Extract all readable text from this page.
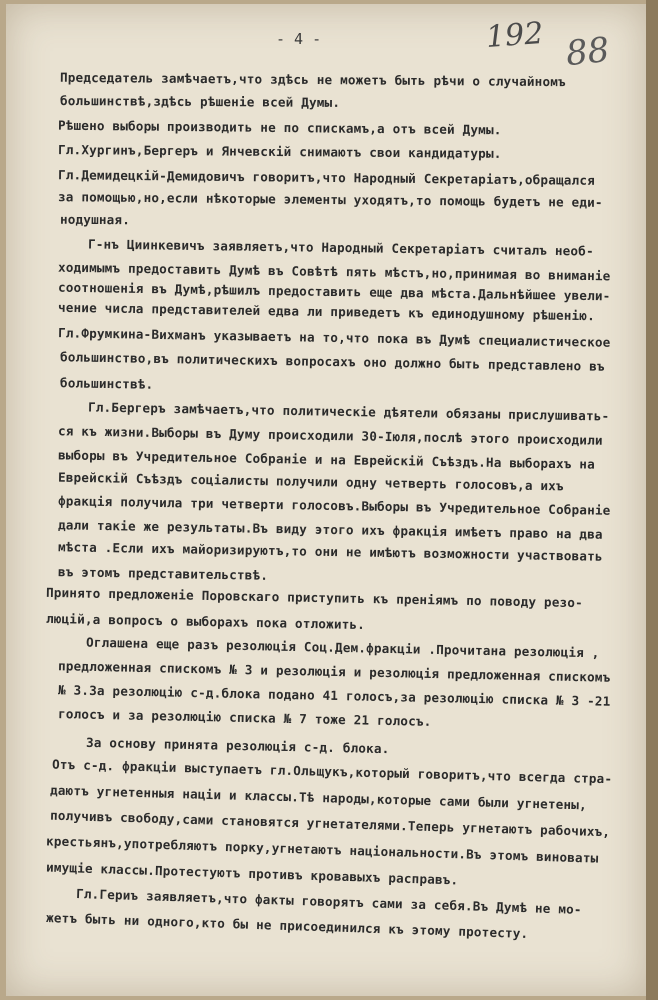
- 4 -	192 88
Председатель замѣчаетъ,что здѣсь не можетъ быть рѣчи о случайномъ
большинствѣ,здѣсь рѣшеніе всей Думы.
Рѣшено выборы производить не по спискамъ,а отъ всей Думы.
Гл.Хургинъ,Бергеръ и Янчевскій снимаютъ свои кандидатуры.
Гл.Демидецкій-Демидовичъ говоритъ,что Народный Секретаріатъ,обращался
за помощью,но,если нѣкоторые элементы уходятъ,то помощь будетъ не еди-
нодушная.
Г-нъ Циинкевичъ заявляетъ,что Народный Секретаріатъ считалъ необ-
ходимымъ предоставить Думѣ въ Совѣтѣ пять мѣстъ,но,принимая во вниманіе
соотношенія въ Думѣ,рѣшилъ предоставить еще два мѣста.Дальнѣйшее увели-
чение числа представителей едва ли приведетъ къ единодушному рѣшенію.
Гл.Фрумкина-Вихманъ указываетъ на то,что пока въ Думѣ специалистическое
большинство,въ политическихъ вопросахъ оно должно быть представлено въ
большинствѣ.
Гл.Бергеръ замѣчаетъ,что политическіе дѣятели обязаны прислушивать-
ся къ жизни.Выборы въ Думу происходили 30-Іюля,послѣ этого происходили
выборы въ Учредительное Собраніе и на Еврейскій Съѣздъ.На выборахъ на
Еврейскій Съѣздъ соціалисты получили одну четверть голосовъ,а ихъ
фракція получила три четверти голосовъ.Выборы въ Учредительное Собраніе
дали такіе же результаты.Въ виду этого ихъ фракція имѣетъ право на два
мѣста .Если ихъ майоризируютъ,то они не имѣютъ возможности участвовать
въ этомъ представительствѣ.
Принято предложеніе Поровскаго приступить къ преніямъ по поводу резо-
люцій,а вопросъ о выборахъ пока отложить.
Оглашена еще разъ резолюція Соц.Дем.фракціи .Прочитана резолюція ,
предложенная спискомъ № 3 и резолюція и резолюція предложенная спискомъ
№ 3.За резолюцію с-д.блока подано 41 голосъ,за резолюцію списка № 3 -21
голосъ и за резолюцію списка № 7 тоже 21 голосъ.
За основу принята резолюція с-д. блока.
Отъ с-д. фракціи выступаетъ гл.Ольщукъ,который говоритъ,что всегда стра-
даютъ угнетенныя націи и классы.Тѣ народы,которые сами были угнетены,
получивъ свободу,сами становятся угнетателями.Теперь угнетаютъ рабочихъ,
крестьянъ,употребляютъ порку,угнетаютъ національности.Въ этомъ виноваты
имущіе классы.Протестуютъ противъ кровавыхъ расправъ.
Гл.Гериъ заявляетъ,что факты говорятъ сами за себя.Въ Думѣ не мо-
жетъ быть ни одного,кто бы не присоединился къ этому протесту.
